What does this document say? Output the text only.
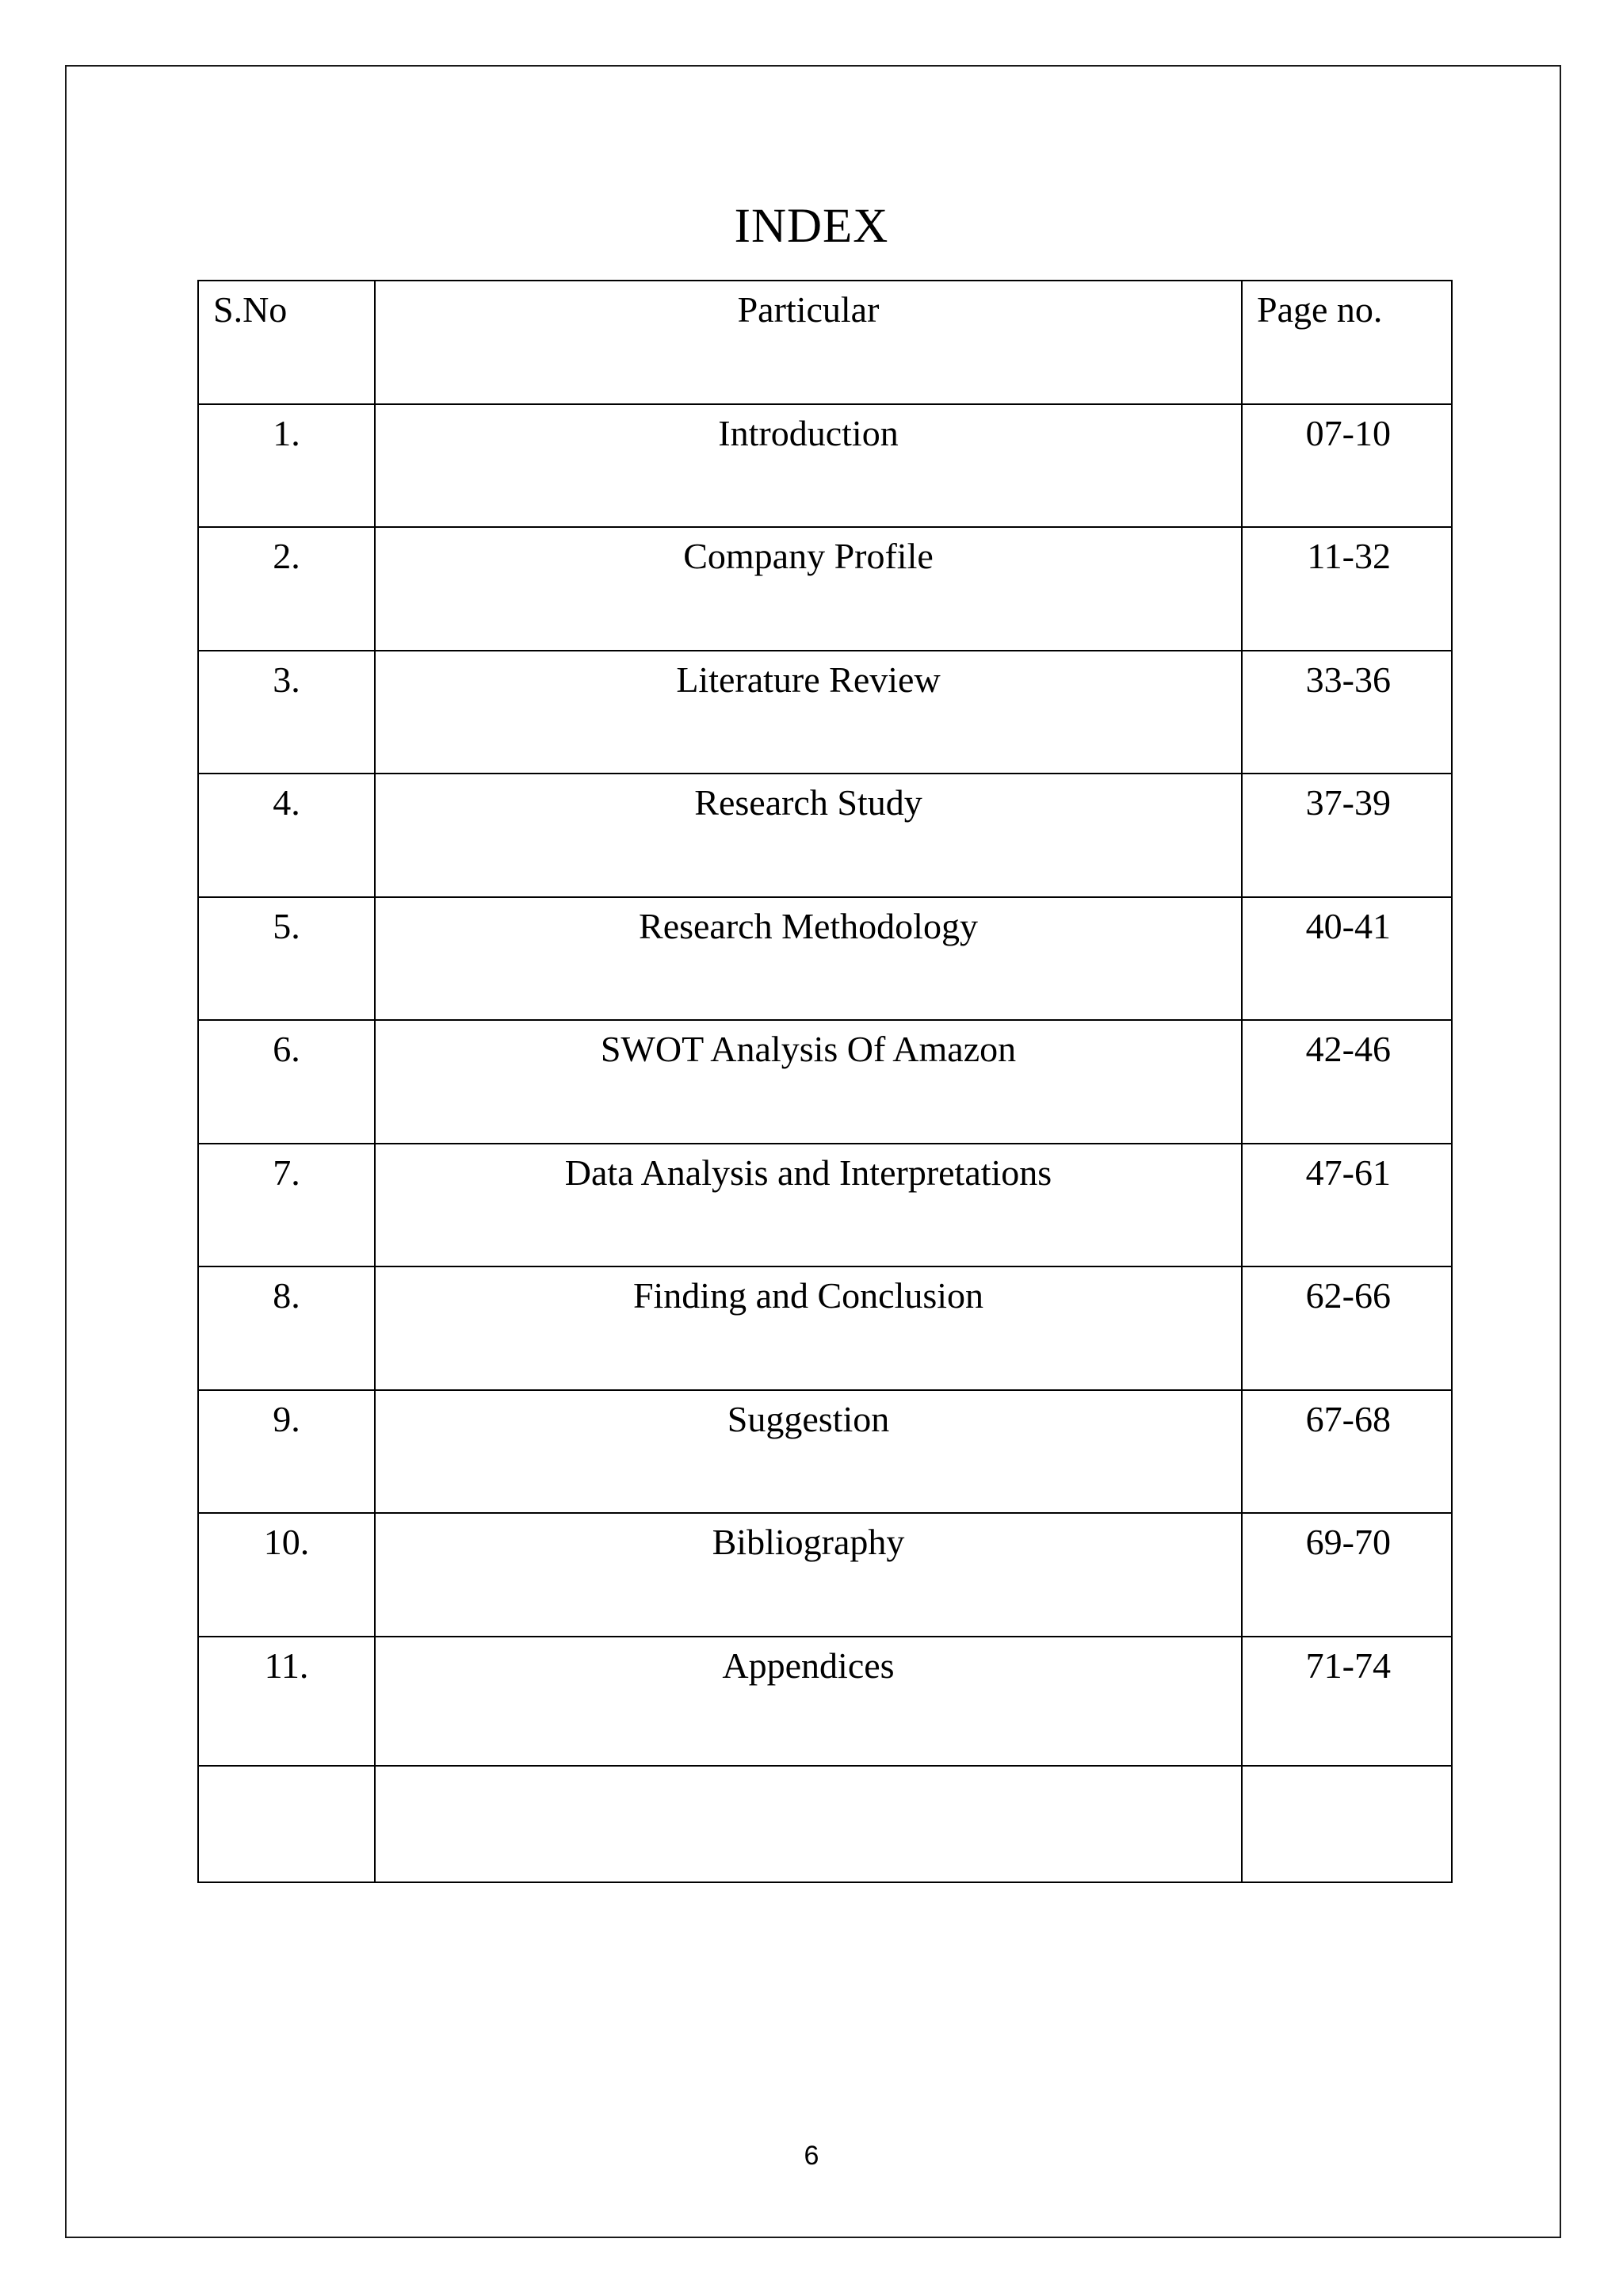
INDEX
S.No	Particular	Page no.
1.	Introduction	07-10
2.	Company Profile	11-32
3.	Literature Review	33-36
4.	Research Study	37-39
5.	Research Methodology	40-41
6.	SWOT Analysis Of Amazon	42-46
7.	Data Analysis and Interpretations	47-61
8.	Finding and Conclusion	62-66
9.	Suggestion	67-68
10.	Bibliography	69-70
11.	Appendices	71-74

6
